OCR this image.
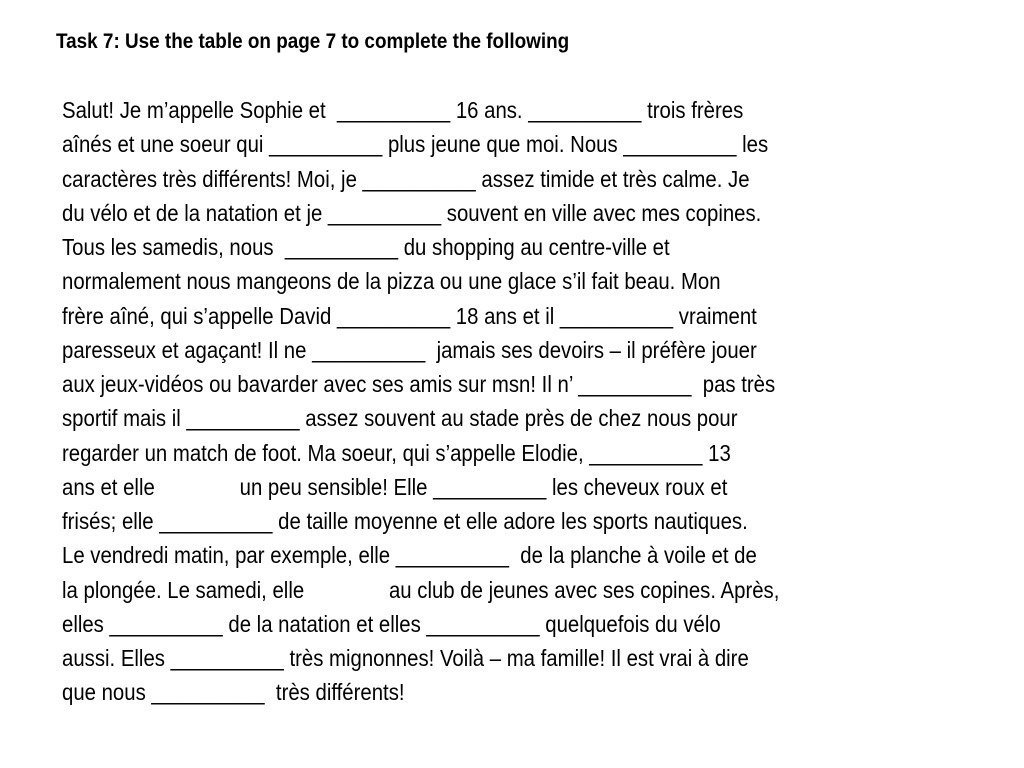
Task 7: Use the table on page 7 to complete the following
Salut! Je m’appelle Sophie et  __________ 16 ans. __________ trois frères
aînés et une soeur qui __________ plus jeune que moi. Nous __________ les
caractères très différents! Moi, je __________ assez timide et très calme. Je
du vélo et de la natation et je __________ souvent en ville avec mes copines.
Tous les samedis, nous  __________ du shopping au centre-ville et
normalement nous mangeons de la pizza ou une glace s’il fait beau. Mon
frère aîné, qui s’appelle David __________ 18 ans et il __________ vraiment
paresseux et agaçant! Il ne __________  jamais ses devoirs – il préfère jouer
aux jeux-vidéos ou bavarder avec ses amis sur msn! Il n’ __________  pas très
sportif mais il __________ assez souvent au stade près de chez nous pour
regarder un match de foot. Ma soeur, qui s’appelle Elodie, __________ 13
ans et elle               un peu sensible! Elle __________ les cheveux roux et
frisés; elle __________ de taille moyenne et elle adore les sports nautiques.
Le vendredi matin, par exemple, elle __________  de la planche à voile et de
la plongée. Le samedi, elle               au club de jeunes avec ses copines. Après,
elles __________ de la natation et elles __________ quelquefois du vélo
aussi. Elles __________ très mignonnes! Voilà – ma famille! Il est vrai à dire
que nous __________  très différents!
